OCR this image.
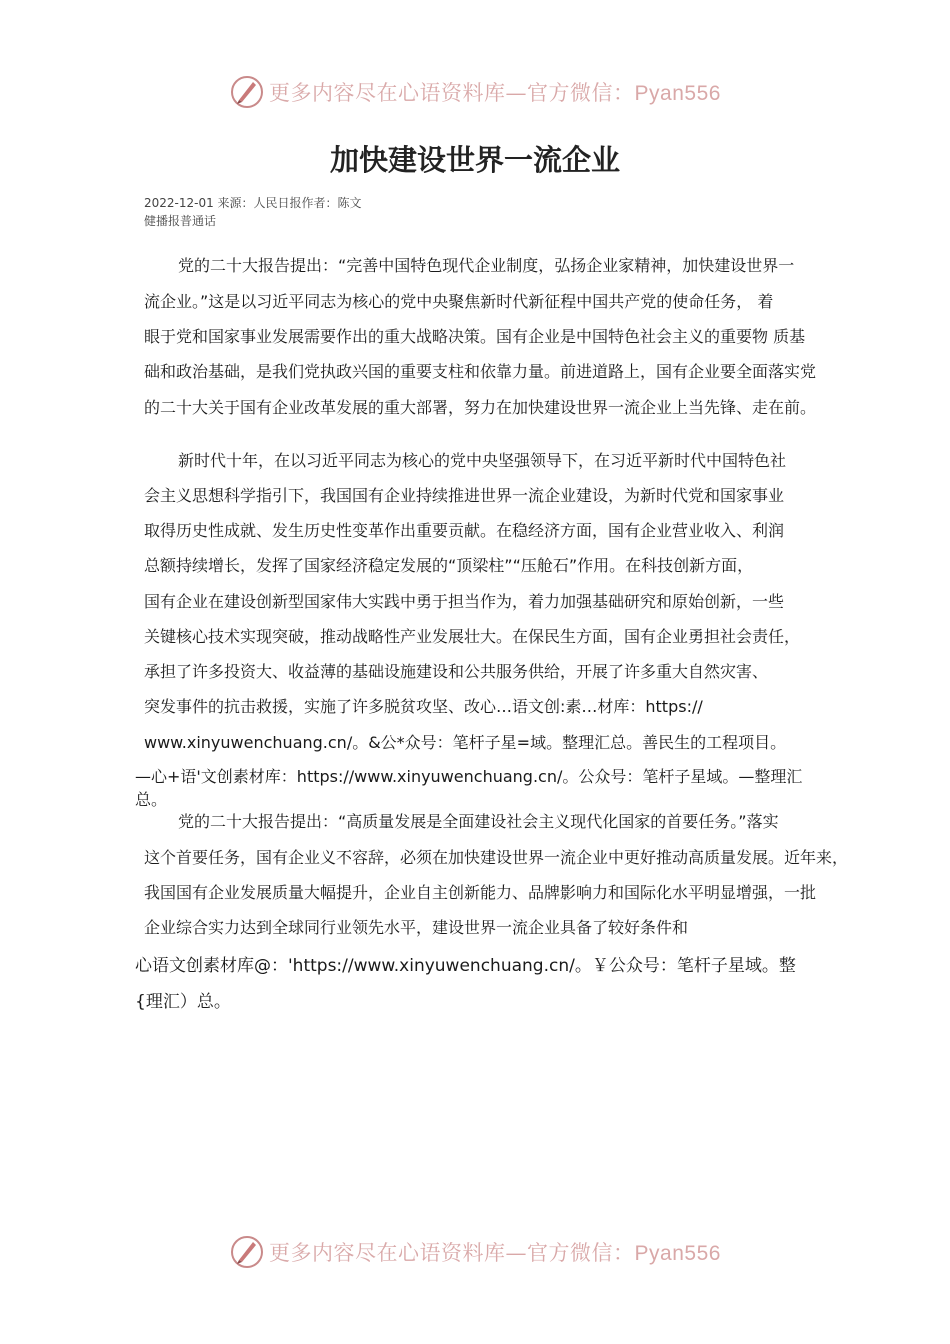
更多内容尽在心语资料库—官方微信：Pyan556
加快建设世界一流企业
2022-12-01 来源：人民日报作者：陈文
健播报普通话
党的二十大报告提出：“完善中国特色现代企业制度，弘扬企业家精神，加快建设世界一
流企业。”这是以习近平同志为核心的党中央聚焦新时代新征程中国共产党的使命任务， 着
眼于党和国家事业发展需要作出的重大战略决策。国有企业是中国特色社会主义的重要物 质基
础和政治基础，是我们党执政兴国的重要支柱和依靠力量。前进道路上，国有企业要全面落实党
的二十大关于国有企业改革发展的重大部署，努力在加快建设世界一流企业上当先锋、走在前。
新时代十年，在以习近平同志为核心的党中央坚强领导下，在习近平新时代中国特色社
会主义思想科学指引下，我国国有企业持续推进世界一流企业建设，为新时代党和国家事业
取得历史性成就、发生历史性变革作出重要贡献。在稳经济方面，国有企业营业收入、利润
总额持续增长，发挥了国家经济稳定发展的“顶梁柱”“压舱石”作用。在科技创新方面，
国有企业在建设创新型国家伟大实践中勇于担当作为，着力加强基础研究和原始创新，一些
关键核心技术实现突破，推动战略性产业发展壮大。在保民生方面，国有企业勇担社会责任，
承担了许多投资大、收益薄的基础设施建设和公共服务供给，开展了许多重大自然灾害、
突发事件的抗击救援，实施了许多脱贫攻坚、改心…语文创:素…材库：https://
www.xinyuwenchuang.cn/。&公*众号：笔杆子星=域。整理汇总。善民生的工程项目。
—心+语'文创素材库：https://www.xinyuwenchuang.cn/。公众号：笔杆子星域。—整理汇
总。
党的二十大报告提出：“高质量发展是全面建设社会主义现代化国家的首要任务。”落实
这个首要任务，国有企业义不容辞，必须在加快建设世界一流企业中更好推动高质量发展。近年来，
我国国有企业发展质量大幅提升，企业自主创新能力、品牌影响力和国际化水平明显增强，一批
企业综合实力达到全球同行业领先水平，建设世界一流企业具备了较好条件和
心语文创素材库@：'https://www.xinyuwenchuang.cn/。￥公众号：笔杆子星域。整
{理汇）总。
更多内容尽在心语资料库—官方微信：Pyan556
